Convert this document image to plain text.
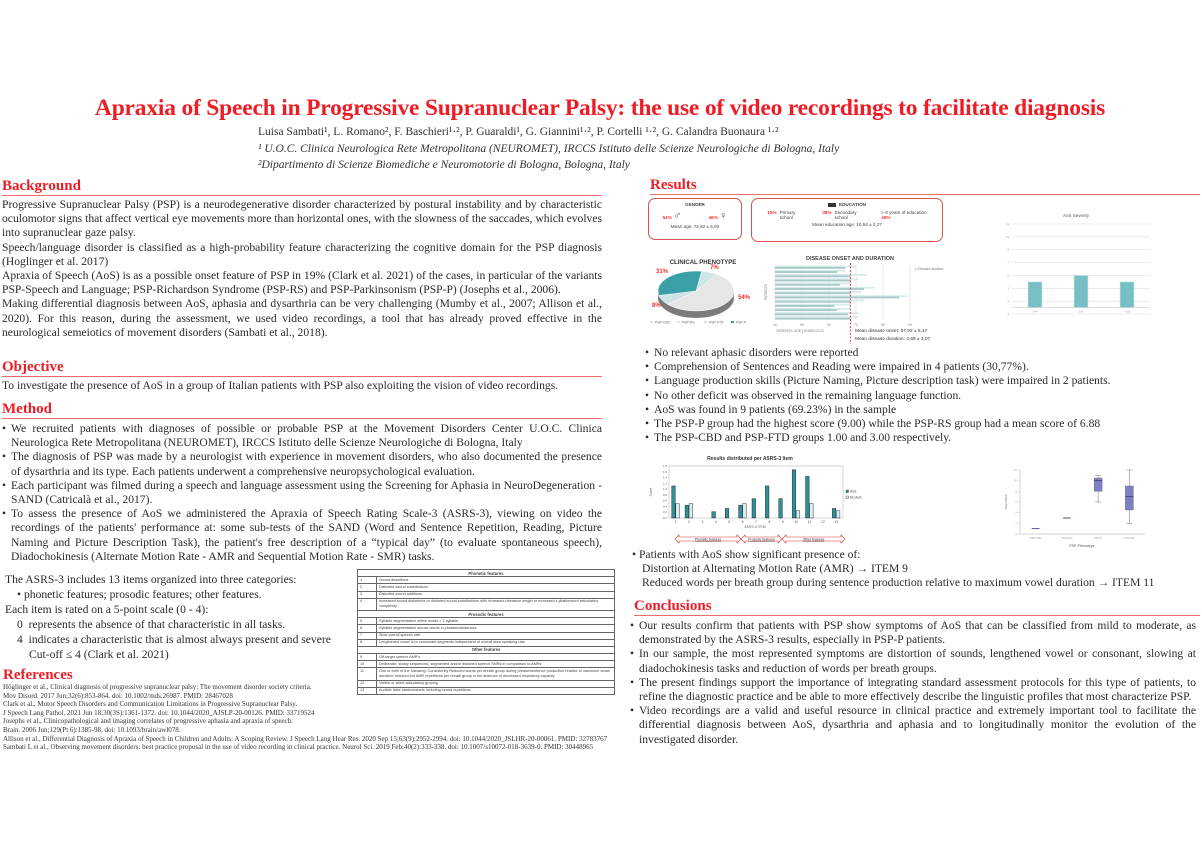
Apraxia of Speech in Progressive Supranuclear Palsy: the use of video recordings to facilitate diagnosis
Luisa Sambati¹, L. Romano², F. Baschieri¹·², P. Guaraldi¹, G. Giannini¹·², P. Cortelli ¹·², G. Calandra Buonaura ¹·²
¹ U.O.C. Clinica Neurologica Rete Metropolitana (NEUROMET), IRCCS Istituto delle Scienze Neurologiche di Bologna, Italy
²Dipartimento di Scienze Biomediche e Neuromotorie di Bologna, Bologna, Italy
Background

Progressive Supranuclear Palsy (PSP) is a neurodegenerative disorder characterized by postural instability and by characteristic oculomotor signs that affect vertical eye movements more than horizontal ones, with the slowness of the saccades, which evolves into supranuclear gaze palsy.

Speech/language disorder is classified as a high-probability feature characterizing the cognitive domain for the PSP diagnosis (Hoglinger et al. 2017)

Apraxia of Speech (AoS) is as a possible onset feature of PSP in 19% (Clark et al. 2021) of the cases, in particular of the variants PSP-Speech and Language; PSP-Richardson Syndrome (PSP-RS) and PSP-Parkinsonism (PSP-P) (Josephs et al., 2006).

Making differential diagnosis between AoS, aphasia and dysarthria can be very challenging (Mumby et al., 2007; Allison et al., 2020). For this reason, during the assessment, we used video recordings, a tool that has already proved effective in the neurological semeiotics of movement disorders (Sambati et al., 2018).

Objective
To investigate the presence of AoS in a group of Italian patients with PSP also exploiting the vision of video recordings.
Method
• We recruited patients with diagnoses of possible or probable PSP at the Movement Disorders Center U.O.C. Clinica Neurologica Rete Metropolitana (NEUROMET), IRCCS Istituto delle Scienze Neurologiche di Bologna, Italy
• The diagnosis of PSP was made by a neurologist with experience in movement disorders, who also documented the presence of dysarthria and its type. Each patients underwent a comprehensive neuropsychological evaluation.
• Each participant was filmed during a speech and language assessment using the Screening for Aphasia in NeuroDegeneration - SAND (Catricalà et al., 2017).
• To assess the presence of AoS we administered the Apraxia of Speech Rating Scale-3 (ASRS-3), viewing on video the recordings of the patients' performance at: some sub-tests of the SAND (Word and Sentence Repetition, Reading, Picture Naming and Picture Description Task), the patient's free description of a “typical day” (to evaluate spontaneous speech), Diadochokinesis (Alternate Motion Rate - AMR and Sequential Motion Rate - SMR) tasks.
The ASRS-3 includes 13 items organized into three categories:
• phonetic features; prosodic features; other features.
Each item is rated on a 5-point scale (0 - 4):
0 represents the absence of that characteristic in all tasks.
4 indicates a characteristic that is almost always present and severe
Cut-off ≤ 4 (Clark et al. 2021)
Phonetic features	
1	Sound distortions
2	Distorted sound substitutions
3	Distorted sound additions
4	Increased sound distortions or distorted sound substitutions with increased utterance length or increased s yllable/word articulatory complexity
Prosodic features	
5	Syllable segmentation within words > 1 syllable
6	Syllable segmentation across words in phrases/sentences
7	Slow overall speech rate
8	Lengthened vowel &/or consonant segments independent of overall slow speaking rate
Other features	
9	Off-target speech AMR's
10	Deliberate, slowly sequenced, segmented and/or distorted speech SMRs in comparison to AMRs
11	One or both of the following: Consistently Reduced words per breath group during phrase/sentence production relative to maximum vowel duration; reduced #of AMR repetitions per breath group in the absence of decreased respiratory capacity
12	Visible or silent articulatory groping
13	Audible false starts/restarts including sound repetitions
References
Höglinger et al., Clinical diagnosis of progressive supranuclear palsy: The movement disorder society criteria.
Mov Disord. 2017 Jun;32(6):853-864. doi: 10.1002/mds.26987. PMID: 28467028
Clark et al., Motor Speech Disorders and Communication Limitations in Progressive Supranuclear Palsy.
J Speech Lang Pathol. 2021 Jun 18;30(3S):1361-1372. doi: 10.1044/2020_AJSLP-20-00126. PMID: 33719524
Josephs et al., Clinicopathological and imaging correlates of progressive aphasia and apraxia of speech.
Brain. 2006 Jun;129(Pt 6):1385-98. doi: 10.1093/brain/awl078.
Allison et al., Differential Diagnosis of Apraxia of Speech in Children and Adults: A Scoping Review. J Speech Lang Hear Res. 2020 Sep 15;63(9):2952-2994. doi: 10.1044/2020_JSLHR-20-00061. PMID: 32783767
Sambati L et al., Observing movement disorders: best practice proposal in the use of video recording in clinical practice. Neurol Sci. 2019 Feb;40(2):333-338. doi: 10.1007/s10072-018-3639-0. PMID: 30448965
Results
GENDER
54% ♂	46% ♀
Mean age: 72,62 ± 5,92
EDUCATION
15% Primary school
38% Secondary school
> 8 years of education
46%
Mean education age: 10,54 ± 4,27
CLINICAL PHENOTYPE
7%
54%
8%
31%
PSP-CBD	PSP-RS	PSP-FTD	PSP-P
DISEASE ONSET AND DURATION
40	50	60	70	80	90
PATIENTS
PATIENTS' AGE (YEARS OLD)
Disease duration
Mean disease onset: 67,92 ± 6,17
Mean disease duration: 4,69 ± 3,07
AoS Severity
-1
1
3
5
7
9
11
13
0-4	5-8	>10
• No relevant aphasic disorders were reported
• Comprehension of Sentences and Reading were impaired in 4 patients (30,77%).
• Language production skills (Picture Naming, Picture description task) were impaired in 2 patients.
• No other deficit was observed in the remaining language function.
• AoS was found in 9 patients (69.23%) in the sample
• The PSP-P group had the highest score (9.00) while the PSP-RS group had a mean score of 6.88
• The PSP-CBD and PSP-FTD groups 1.00 and 3.00 respectively.
Results distributed per ASRS-3 Item
0.0
0.2
0.4
0.6
0.8
1.0
1.2
1.4
1.6
1.8
1	2	3	4	5	6	7	8	9	10	11	12	13
Score
ASRS-3 ITEM
AoS
No AoS
Phonetic features	Prosodic features	Other features
0
2
4
6
8
10
12
PSP-CBD	PSP-FTD	PSP-P	PSP-RS
Total ASRS
PSP-Phenotype
• Patients with AoS show significant presence of:
Distortion at Alternating Motion Rate (AMR) → ITEM 9
Reduced words per breath group during sentence production relative to maximum vowel duration → ITEM 11
Conclusions
• Our results confirm that patients with PSP show symptoms of AoS that can be classified from mild to moderate, as demonstrated by the ASRS-3 results, especially in PSP-P patients.
• In our sample, the most represented symptoms are distortion of sounds, lengthened vowel or consonant, slowing at diadochokinesis tasks and reduction of words per breath groups.
• The present findings support the importance of integrating standard assessment protocols for this type of patients, to refine the diagnostic practice and be able to more effectively describe the linguistic profiles that most characterize PSP.
• Video recordings are a valid and useful resource in clinical practice and extremely important tool to facilitate the differential diagnosis between AoS, dysarthria and aphasia and to longitudinally monitor the evolution of the investigated disorder.
